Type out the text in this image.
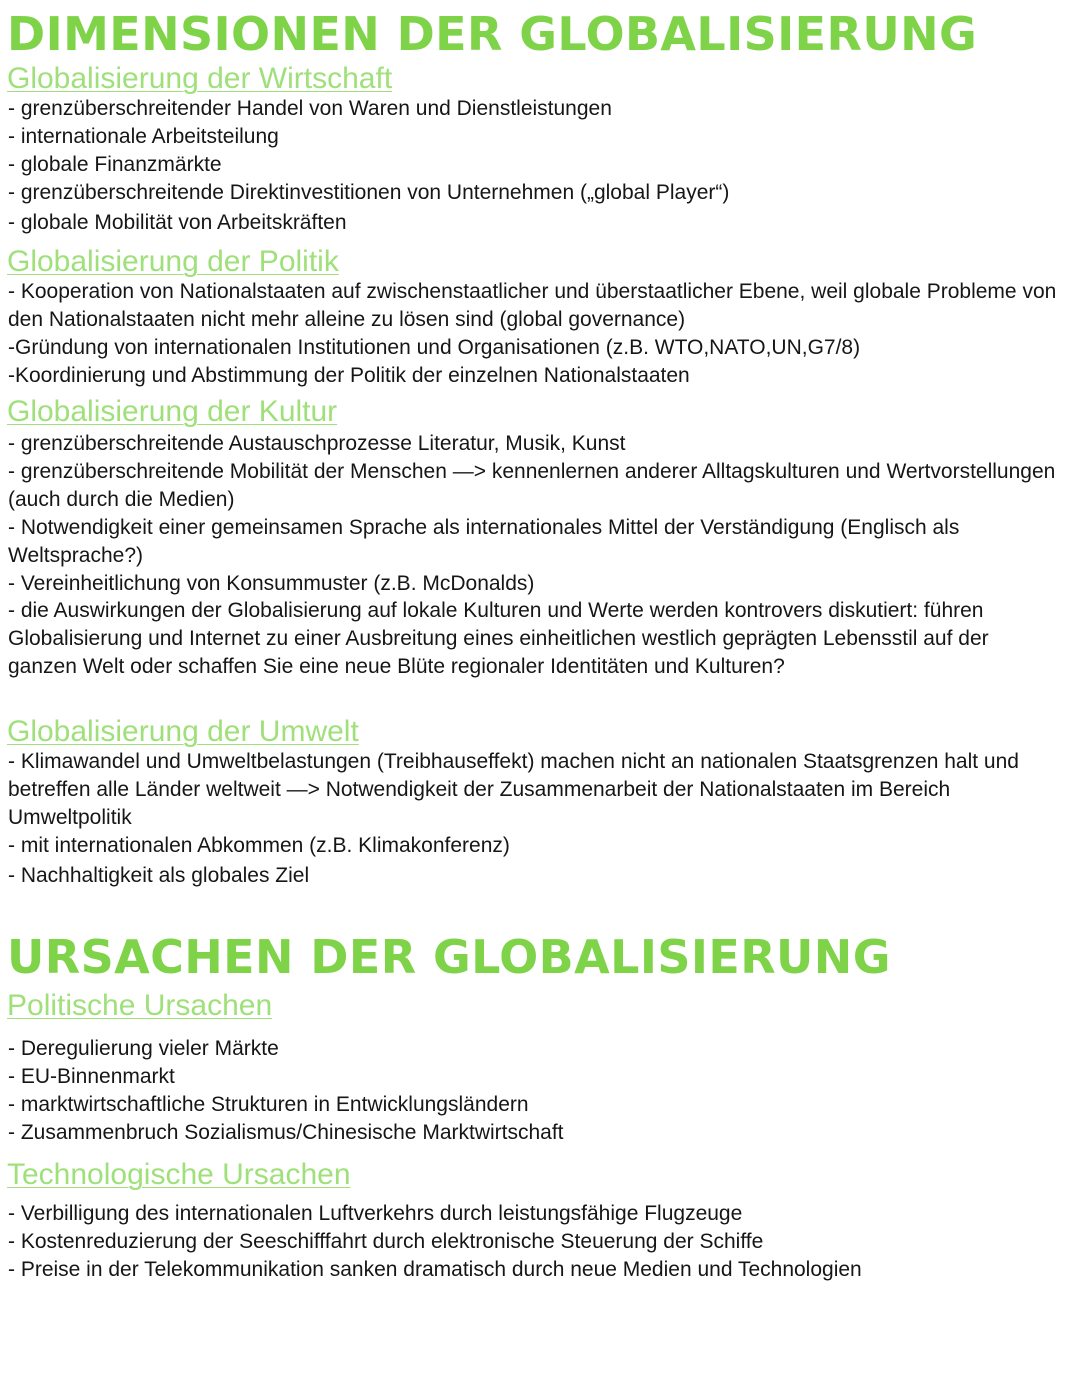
DIMENSIONEN DER GLOBALISIERUNG
Globalisierung der Wirtschaft

- grenzüberschreitender Handel von Waren und Dienstleistungen

- internationale Arbeitsteilung

- globale Finanzmärkte

- grenzüberschreitende Direktinvestitionen von Unternehmen („global Player“)

- globale Mobilität von Arbeitskräften

Globalisierung der Politik

- Kooperation von Nationalstaaten auf zwischenstaatlicher und überstaatlicher Ebene, weil globale Probleme von den Nationalstaaten nicht mehr alleine zu lösen sind (global governance)

-Gründung von internationalen Institutionen und Organisationen (z.B. WTO,NATO,UN,G7/8)

-Koordinierung und Abstimmung der Politik der einzelnen Nationalstaaten

Globalisierung der Kultur

- grenzüberschreitende Austauschprozesse Literatur, Musik, Kunst

- grenzüberschreitende Mobilität der Menschen —> kennenlernen anderer Alltagskulturen und Wertvorstellungen (auch durch die Medien)

- Notwendigkeit einer gemeinsamen Sprache als internationales Mittel der Verständigung (Englisch als Weltsprache?)

- Vereinheitlichung von Konsummuster (z.B. McDonalds)

- die Auswirkungen der Globalisierung auf lokale Kulturen und Werte werden kontrovers diskutiert: führen Globalisierung und Internet zu einer Ausbreitung eines einheitlichen westlich geprägten Lebensstil auf der ganzen Welt oder schaffen Sie eine neue Blüte regionaler Identitäten und Kulturen?

Globalisierung der Umwelt

- Klimawandel und Umweltbelastungen (Treibhauseffekt) machen nicht an nationalen Staatsgrenzen halt und betreffen alle Länder weltweit —> Notwendigkeit der Zusammenarbeit der Nationalstaaten im Bereich Umweltpolitik

- mit internationalen Abkommen (z.B. Klimakonferenz)

- Nachhaltigkeit als globales Ziel

URSACHEN DER GLOBALISIERUNG
Politische Ursachen

- Deregulierung vieler Märkte

- EU-Binnenmarkt

- marktwirtschaftliche Strukturen in Entwicklungsländern

- Zusammenbruch Sozialismus/Chinesische Marktwirtschaft

Technologische Ursachen

- Verbilligung des internationalen Luftverkehrs durch leistungsfähige Flugzeuge

- Kostenreduzierung der Seeschifffahrt durch elektronische Steuerung der Schiffe

- Preise in der Telekommunikation sanken dramatisch durch neue Medien und Technologien
